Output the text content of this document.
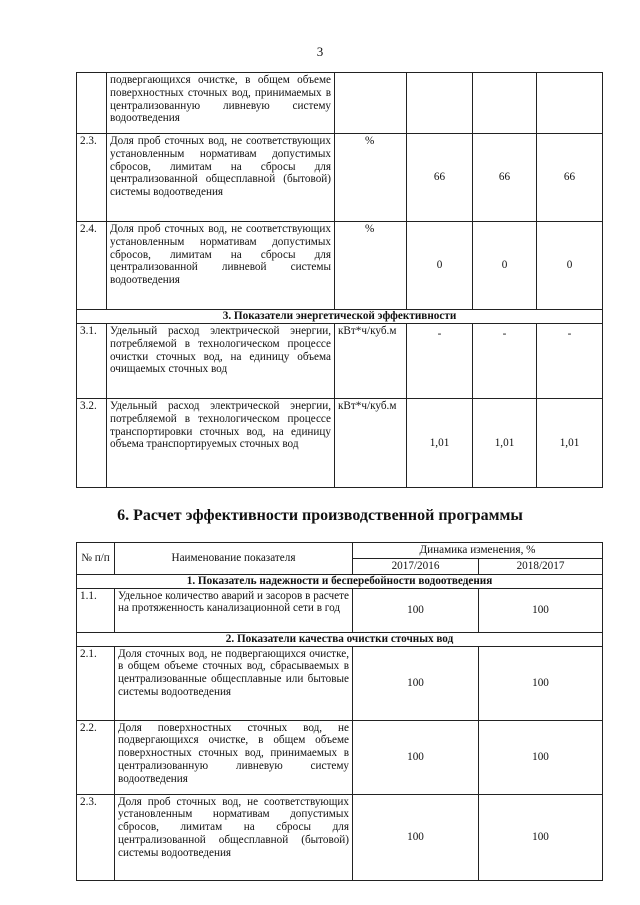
3
	подвергающихся очистке, в общем объеме поверхностных сточных вод, принимаемых в централизованную ливневую систему водоотведения				
2.3.	Доля проб сточных вод, не соответствующих установленным нормативам допустимых сбросов, лимитам на сбросы для централизованной общесплавной (бытовой) системы водоотведения	%	66	66	66
2.4.	Доля проб сточных вод, не соответствующих установленным нормативам допустимых сбросов, лимитам на сбросы для централизованной ливневой системы водоотведения	%	0	0	0
3. Показатели энергетической эффективности					
3.1.	Удельный расход электрической энергии, потребляемой в технологическом процессе очистки сточных вод, на единицу объема очищаемых сточных вод	кВт*ч/куб.м	-	-	-
3.2.	Удельный расход электрической энергии, потребляемой в технологическом процессе транспортировки сточных вод, на единицу объема транспортируемых сточных вод	кВт*ч/куб.м	1,01	1,01	1,01
6. Расчет эффективности производственной программы
№ п/п	Наименование показателя	Динамика изменения, %	
		2017/2016	2018/2017
1. Показатель надежности и бесперебойности водоотведения			
1.1.	Удельное количество аварий и засоров в расчете на протяженность канализационной сети в год	100	100
2. Показатели качества очистки сточных вод			
2.1.	Доля сточных вод, не подвергающихся очистке, в общем объеме сточных вод, сбрасываемых в централизованные общесплавные или бытовые системы водоотведения	100	100
2.2.	Доля поверхностных сточных вод, не подвергающихся очистке, в общем объеме поверхностных сточных вод, принимаемых в централизованную ливневую систему водоотведения	100	100
2.3.	Доля проб сточных вод, не соответствующих установленным нормативам допустимых сбросов, лимитам на сбросы для централизованной общесплавной (бытовой) системы водоотведения	100	100
